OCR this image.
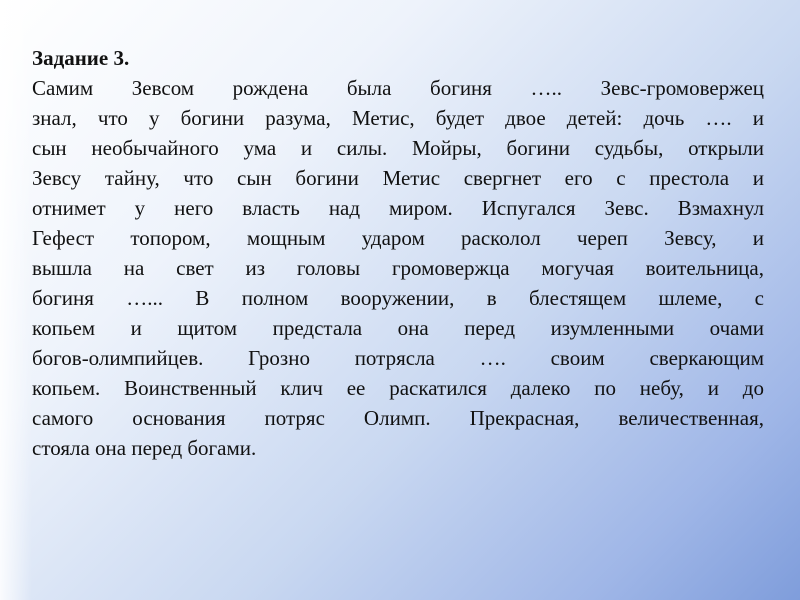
Задание 3.

Самим Зевсом рождена была богиня ….. Зевс-громовержец

знал, что у богини разума, Метис, будет двое детей: дочь …. и

сын необычайного ума и силы. Мойры, богини судьбы, открыли

Зевсу тайну, что сын богини Метис свергнет его с престола и

отнимет у него власть над миром. Испугался Зевс. Взмахнул

Гефест топором, мощным ударом расколол череп Зевсу, и

вышла на свет из головы громовержца могучая воительница,

богиня …... В полном вооружении, в блестящем шлеме, с

копьем и щитом предстала она перед изумленными очами

богов-олимпийцев. Грозно потрясла …. своим сверкающим

копьем. Воинственный клич ее раскатился далеко по небу, и до

самого основания потряс Олимп. Прекрасная, величественная,

стояла она перед богами.
